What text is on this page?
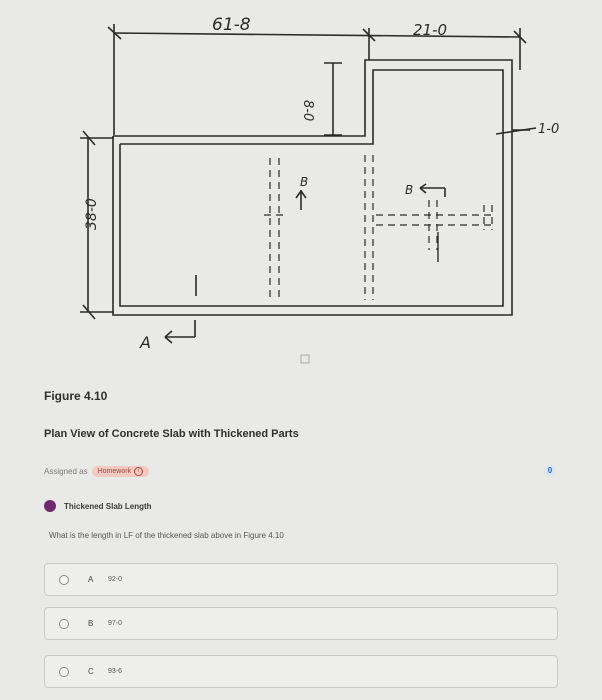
61-8	21-0
8-0
1-0
38-0
A
B
B
Figure 4.10
Plan View of Concrete Slab with Thickened Parts
Assigned as Homework	i	0
Thickened Slab Length
What is the length in LF of the thickened slab above in Figure 4.10
A	92-0
B	97-0
C	93-6
